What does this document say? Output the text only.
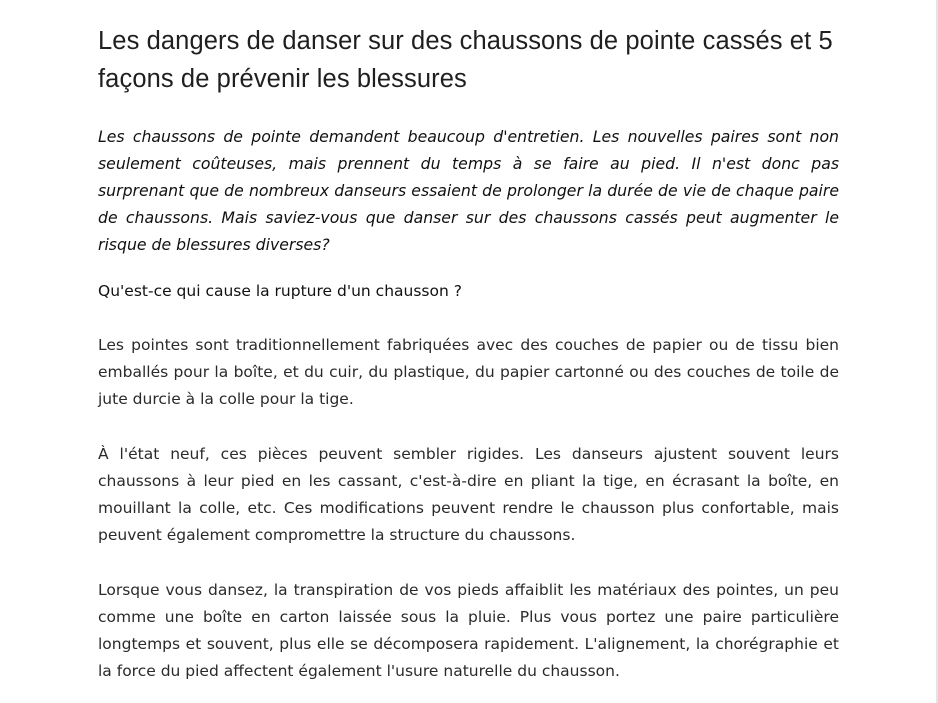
Les dangers de danser sur des chaussons de pointe cassés et 5 façons de prévenir les blessures

Les chaussons de pointe demandent beaucoup d'entretien. Les nouvelles paires sont non seulement coûteuses, mais prennent du temps à se faire au pied. Il n'est donc pas surprenant que de nombreux danseurs essaient de prolonger la durée de vie de chaque paire de chaussons. Mais saviez-vous que danser sur des chaussons cassés peut augmenter le risque de blessures diverses?

Qu'est-ce qui cause la rupture d'un chausson ?

Les pointes sont traditionnellement fabriquées avec des couches de papier ou de tissu bien emballés pour la boîte, et du cuir, du plastique, du papier cartonné ou des couches de toile de jute durcie à la colle pour la tige.

À l'état neuf, ces pièces peuvent sembler rigides. Les danseurs ajustent souvent leurs chaussons à leur pied en les cassant, c'est-à-dire en pliant la tige, en écrasant la boîte, en mouillant la colle, etc. Ces modifications peuvent rendre le chausson plus confortable, mais peuvent également compromettre la structure du chaussons.

Lorsque vous dansez, la transpiration de vos pieds affaiblit les matériaux des pointes, un peu comme une boîte en carton laissée sous la pluie. Plus vous portez une paire particulière longtemps et souvent, plus elle se décomposera rapidement. L'alignement, la chorégraphie et la force du pied affectent également l'usure naturelle du chausson.
